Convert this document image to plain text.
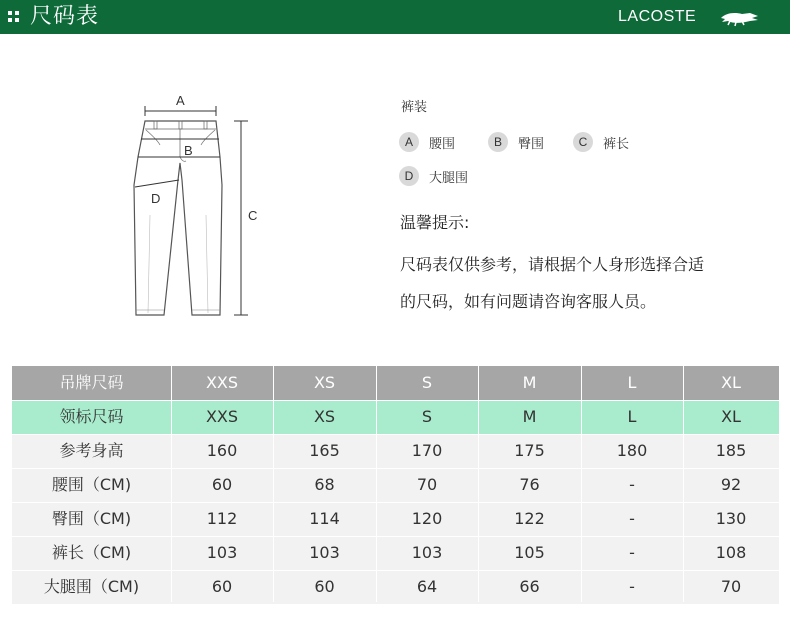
尺码表	LACOSTE
A
B
C
D
裤装
A	腰围	B	臀围	C	裤长
D	大腿围
温馨提示:
尺码表仅供参考，请根据个人身形选择合适
的尺码，如有问题请咨询客服人员。
吊牌尺码	XXS	XS	S	M	L	XL
领标尺码	XXS	XS	S	M	L	XL
参考身高	160	165	170	175	180	185
腰围（CM)	60	68	70	76	-	92
臀围（CM)	112	114	120	122	-	130
裤长（CM)	103	103	103	105	-	108
大腿围（CM)	60	60	64	66	-	70
